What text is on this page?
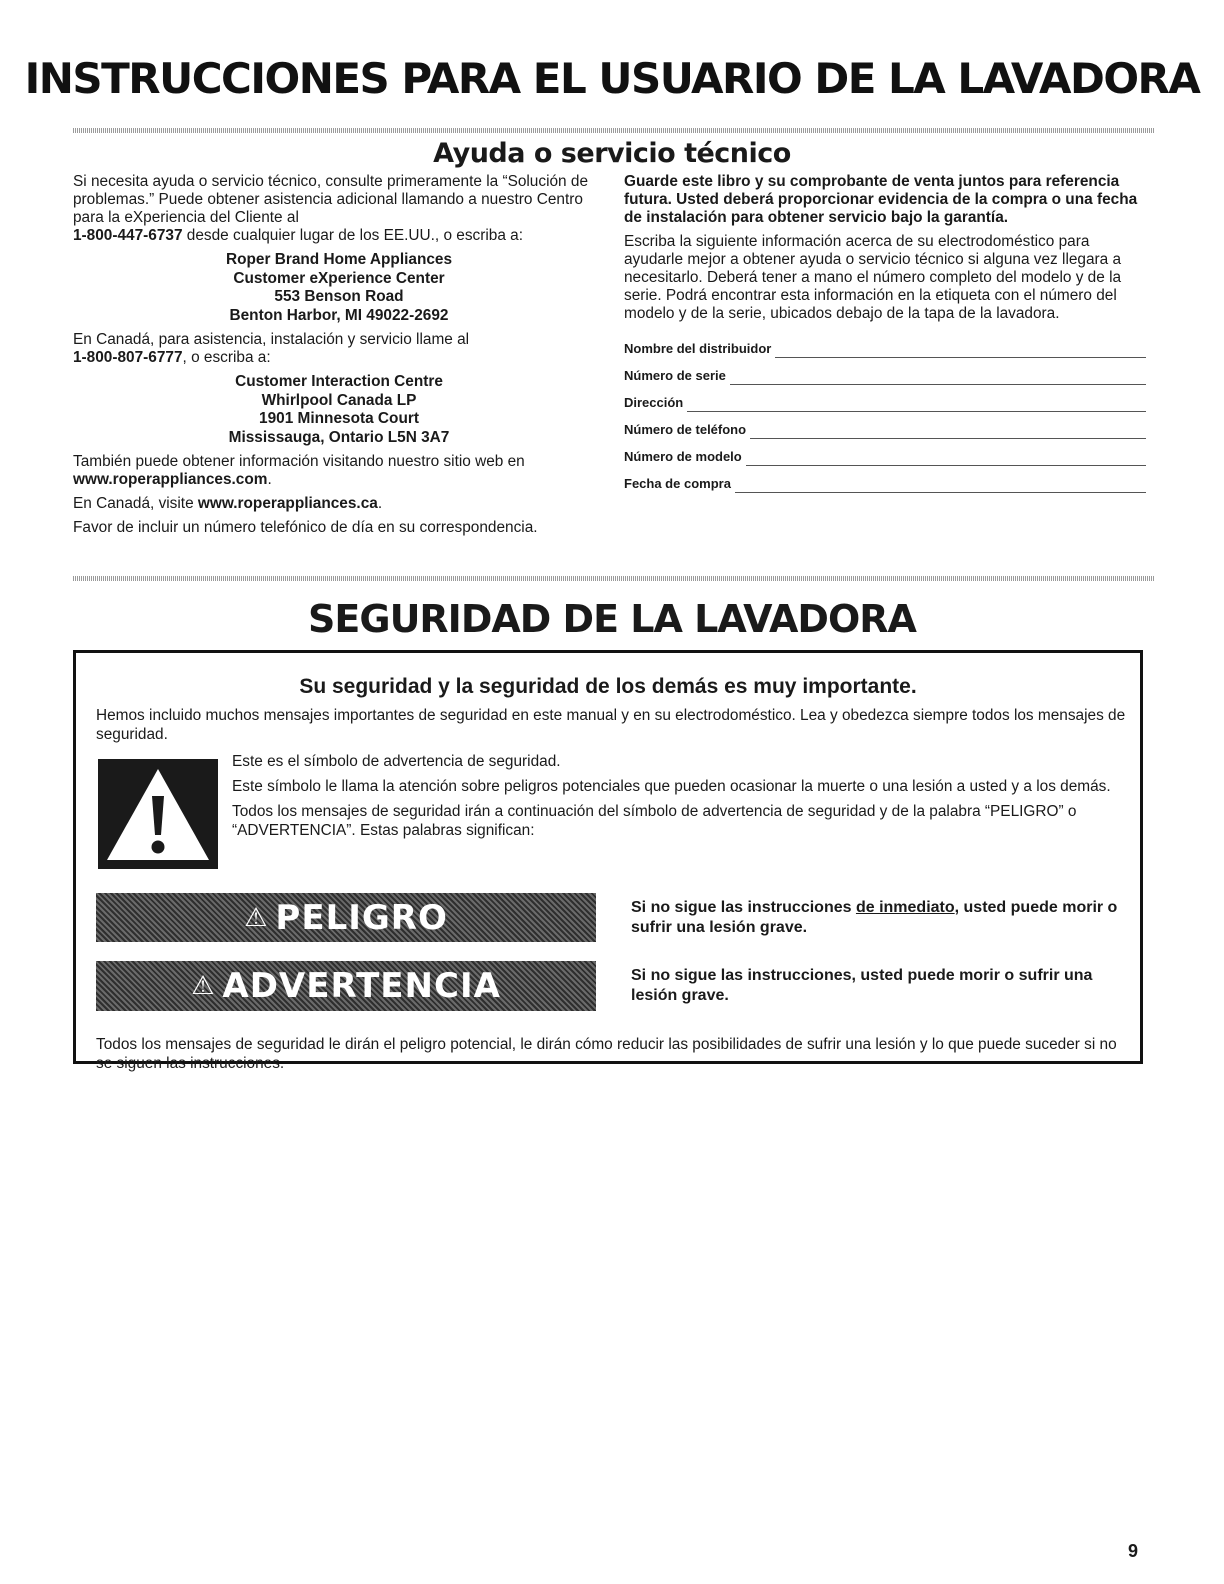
INSTRUCCIONES PARA EL USUARIO DE LA LAVADORA
Ayuda o servicio técnico

Si necesita ayuda o servicio técnico, consulte primeramente la “Solución de problemas.” Puede obtener asistencia adicional llamando a nuestro Centro para la eXperiencia del Cliente al
1-800-447-6737 desde cualquier lugar de los EE.UU., o escriba a:

Roper Brand Home Appliances
Customer eXperience Center
553 Benson Road
Benton Harbor, MI 49022-2692

En Canadá, para asistencia, instalación y servicio llame al
1-800-807-6777, o escriba a:

Customer Interaction Centre
Whirlpool Canada LP
1901 Minnesota Court
Mississauga, Ontario L5N 3A7

También puede obtener información visitando nuestro sitio web en www.roperappliances.com.

En Canadá, visite www.roperappliances.ca.

Favor de incluir un número telefónico de día en su correspondencia.

Guarde este libro y su comprobante de venta juntos para referencia futura. Usted deberá proporcionar evidencia de la compra o una fecha de instalación para obtener servicio bajo la garantía.

Escriba la siguiente información acerca de su electrodoméstico para ayudarle mejor a obtener ayuda o servicio técnico si alguna vez llegara a necesitarlo. Deberá tener a mano el número completo del modelo y de la serie. Podrá encontrar esta información en la etiqueta con el número del modelo y de la serie, ubicados debajo de la tapa de la lavadora.

Nombre del distribuidor
Número de serie
Dirección
Número de teléfono
Número de modelo
Fecha de compra
SEGURIDAD DE LA LAVADORA
Su seguridad y la seguridad de los demás es muy importante.
Hemos incluido muchos mensajes importantes de seguridad en este manual y en su electrodoméstico. Lea y obedezca siempre todos los mensajes de seguridad.

Este es el símbolo de advertencia de seguridad.

Este símbolo le llama la atención sobre peligros potenciales que pueden ocasionar la muerte o una lesión a usted y a los demás.

Todos los mensajes de seguridad irán a continuación del símbolo de advertencia de seguridad y de la palabra “PELIGRO” o “ADVERTENCIA”. Estas palabras significan:

⚠ PELIGRO	Si no sigue las instrucciones de inmediato, usted puede morir o sufrir una lesión grave.
⚠ ADVERTENCIA	Si no sigue las instrucciones, usted puede morir o sufrir una lesión grave.
Todos los mensajes de seguridad le dirán el peligro potencial, le dirán cómo reducir las posibilidades de sufrir una lesión y lo que puede suceder si no se siguen las instrucciones.
9
